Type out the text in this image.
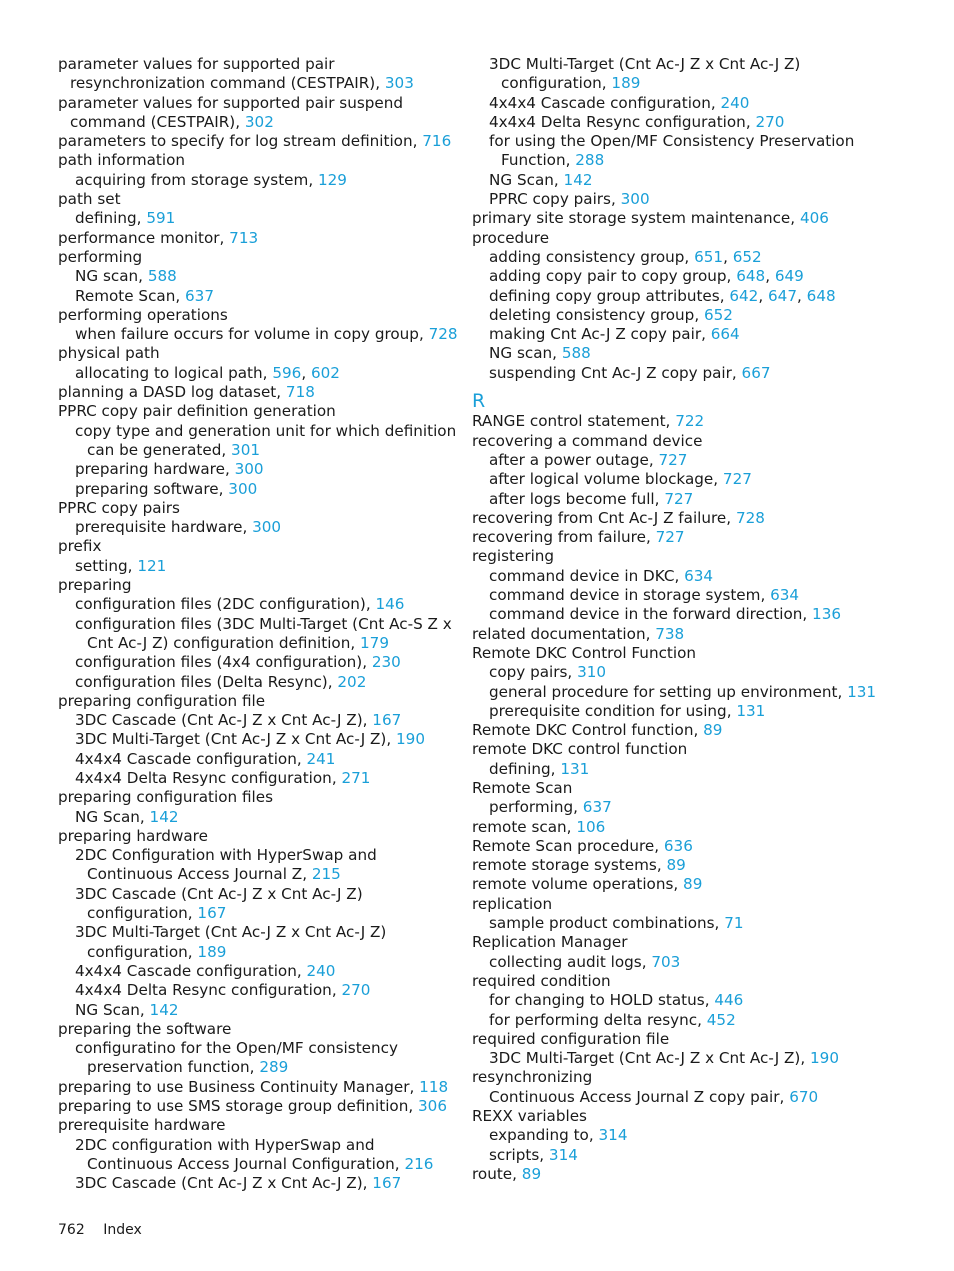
parameter values for supported pair resynchronization command (CESTPAIR), 303

parameter values for supported pair suspend command (CESTPAIR), 302

parameters to specify for log stream definition, 716

path information

acquiring from storage system, 129

path set

defining, 591

performance monitor, 713

performing

NG scan, 588

Remote Scan, 637

performing operations

when failure occurs for volume in copy group, 728

physical path

allocating to logical path, 596, 602

planning a DASD log dataset, 718

PPRC copy pair definition generation

copy type and generation unit for which definition can be generated, 301

preparing hardware, 300

preparing software, 300

PPRC copy pairs

prerequisite hardware, 300

prefix

setting, 121

preparing

configuration files (2DC configuration), 146

configuration files (3DC Multi-Target (Cnt Ac-S Z x Cnt Ac-J Z) configuration definition, 179

configuration files (4x4 configuration), 230

configuration files (Delta Resync), 202

preparing configuration file

3DC Cascade (Cnt Ac-J Z x Cnt Ac-J Z), 167

3DC Multi-Target (Cnt Ac-J Z x Cnt Ac-J Z), 190

4x4x4 Cascade configuration, 241

4x4x4 Delta Resync configuration, 271

preparing configuration files

NG Scan, 142

preparing hardware

2DC Configuration with HyperSwap and Continuous Access Journal Z, 215

3DC Cascade (Cnt Ac-J Z x Cnt Ac-J Z) configuration, 167

3DC Multi-Target (Cnt Ac-J Z x Cnt Ac-J Z) configuration, 189

4x4x4 Cascade configuration, 240

4x4x4 Delta Resync configuration, 270

NG Scan, 142

preparing the software

configuratino for the Open/MF consistency preservation function, 289

preparing to use Business Continuity Manager, 118

preparing to use SMS storage group definition, 306

prerequisite hardware

2DC configuration with HyperSwap and Continuous Access Journal Configuration, 216

3DC Cascade (Cnt Ac-J Z x Cnt Ac-J Z), 167

3DC Multi-Target (Cnt Ac-J Z x Cnt Ac-J Z) configuration, 189

4x4x4 Cascade configuration, 240

4x4x4 Delta Resync configuration, 270

for using the Open/MF Consistency Preservation Function, 288

NG Scan, 142

PPRC copy pairs, 300

primary site storage system maintenance, 406

procedure

adding consistency group, 651, 652

adding copy pair to copy group, 648, 649

defining copy group attributes, 642, 647, 648

deleting consistency group, 652

making Cnt Ac-J Z copy pair, 664

NG scan, 588

suspending Cnt Ac-J Z copy pair, 667

R

RANGE control statement, 722

recovering a command device

after a power outage, 727

after logical volume blockage, 727

after logs become full, 727

recovering from Cnt Ac-J Z failure, 728

recovering from failure, 727

registering

command device in DKC, 634

command device in storage system, 634

command device in the forward direction, 136

related documentation, 738

Remote DKC Control Function

copy pairs, 310

general procedure for setting up environment, 131

prerequisite condition for using, 131

Remote DKC Control function, 89

remote DKC control function

defining, 131

Remote Scan

performing, 637

remote scan, 106

Remote Scan procedure, 636

remote storage systems, 89

remote volume operations, 89

replication

sample product combinations, 71

Replication Manager

collecting audit logs, 703

required condition

for changing to HOLD status, 446

for performing delta resync, 452

required configuration file

3DC Multi-Target (Cnt Ac-J Z x Cnt Ac-J Z), 190

resynchronizing

Continuous Access Journal Z copy pair, 670

REXX variables

expanding to, 314

scripts, 314

route, 89

762 Index
